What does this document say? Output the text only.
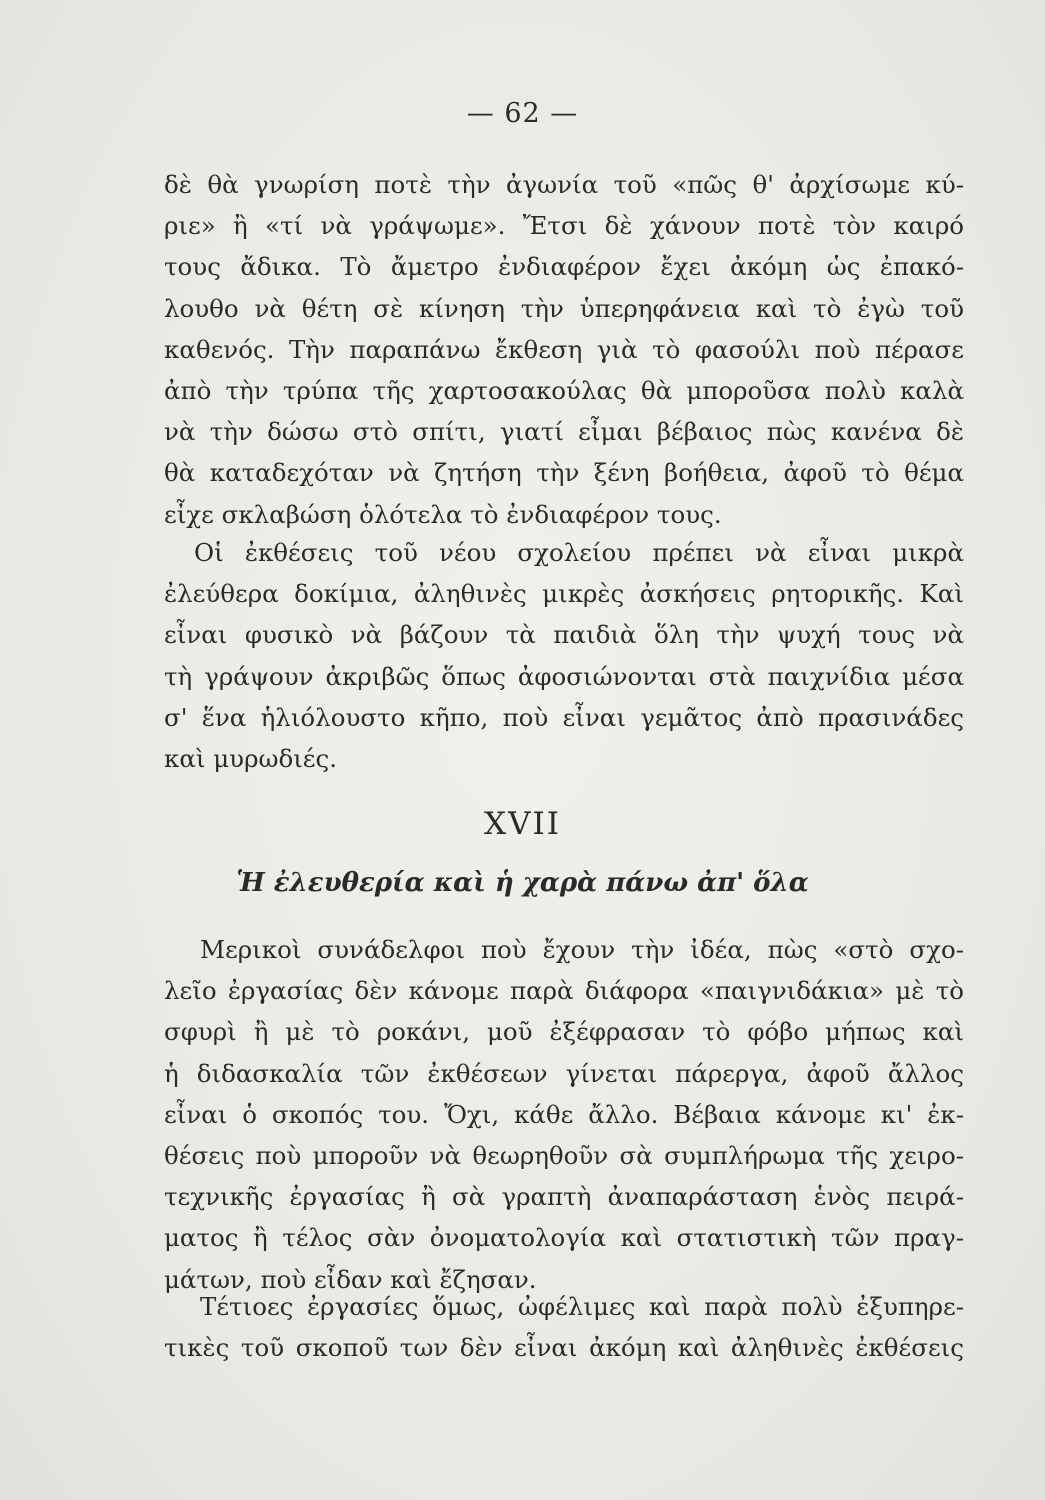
— 62 —
δὲ θὰ γνωρίση ποτὲ τὴν ἀγωνία τοῦ «πῶς θ' ἀρχίσωμε κύ-
ριε» ἢ «τί νὰ γράψωμε». Ἔτσι δὲ χάνουν ποτὲ τὸν καιρό
τους ἄδικα. Τὸ ἄμετρο ἐνδιαφέρον ἔχει ἀκόμη ὡς ἐπακό-
λουθο νὰ θέτη σὲ κίνηση τὴν ὑπερηφάνεια καὶ τὸ ἐγὼ τοῦ
καθενός. Τὴν παραπάνω ἔκθεση γιὰ τὸ φασούλι ποὺ πέρασε
ἀπὸ τὴν τρύπα τῆς χαρτοσακούλας θὰ μποροῦσα πολὺ καλὰ
νὰ τὴν δώσω στὸ σπίτι, γιατί εἶμαι βέβαιος πὼς κανένα δὲ
θὰ καταδεχόταν νὰ ζητήση τὴν ξένη βοήθεια, ἀφοῦ τὸ θέμα
εἶχε σκλαβώση ὁλότελα τὸ ἐνδιαφέρον τους.
Οἱ ἐκθέσεις τοῦ νέου σχολείου πρέπει νὰ εἶναι μικρὰ
ἐλεύθερα δοκίμια, ἀληθινὲς μικρὲς ἀσκήσεις ρητορικῆς. Καὶ
εἶναι φυσικὸ νὰ βάζουν τὰ παιδιὰ ὅλη τὴν ψυχή τους νὰ
τὴ γράψουν ἀκριβῶς ὅπως ἀφοσιώνονται στὰ παιχνίδια μέσα
σ' ἕνα ἡλιόλουστο κῆπο, ποὺ εἶναι γεμᾶτος ἀπὸ πρασινάδες
καὶ μυρωδιές.
XVII
Ἡ ἐλευθερία καὶ ἡ χαρὰ πάνω ἀπ' ὅλα
Μερικοὶ συνάδελφοι ποὺ ἔχουν τὴν ἰδέα, πὼς «στὸ σχο-
λεῖο ἐργασίας δὲν κάνομε παρὰ διάφορα «παιγνιδάκια» μὲ τὸ
σφυρὶ ἢ μὲ τὸ ροκάνι, μοῦ ἐξέφρασαν τὸ φόβο μήπως καὶ
ἡ διδασκαλία τῶν ἐκθέσεων γίνεται πάρεργα, ἀφοῦ ἄλλος
εἶναι ὁ σκοπός του. Ὄχι, κάθε ἄλλο. Βέβαια κάνομε κι' ἐκ-
θέσεις ποὺ μποροῦν νὰ θεωρηθοῦν σὰ συμπλήρωμα τῆς χειρο-
τεχνικῆς ἐργασίας ἢ σὰ γραπτὴ ἀναπαράσταση ἑνὸς πειρά-
ματος ἢ τέλος σὰν ὀνοματολογία καὶ στατιστικὴ τῶν πραγ-
μάτων, ποὺ εἶδαν καὶ ἔζησαν.
Τέτιοες ἐργασίες ὅμως, ὠφέλιμες καὶ παρὰ πολὺ ἐξυπηρε-
τικὲς τοῦ σκοποῦ των δὲν εἶναι ἀκόμη καὶ ἀληθινὲς ἐκθέσεις
